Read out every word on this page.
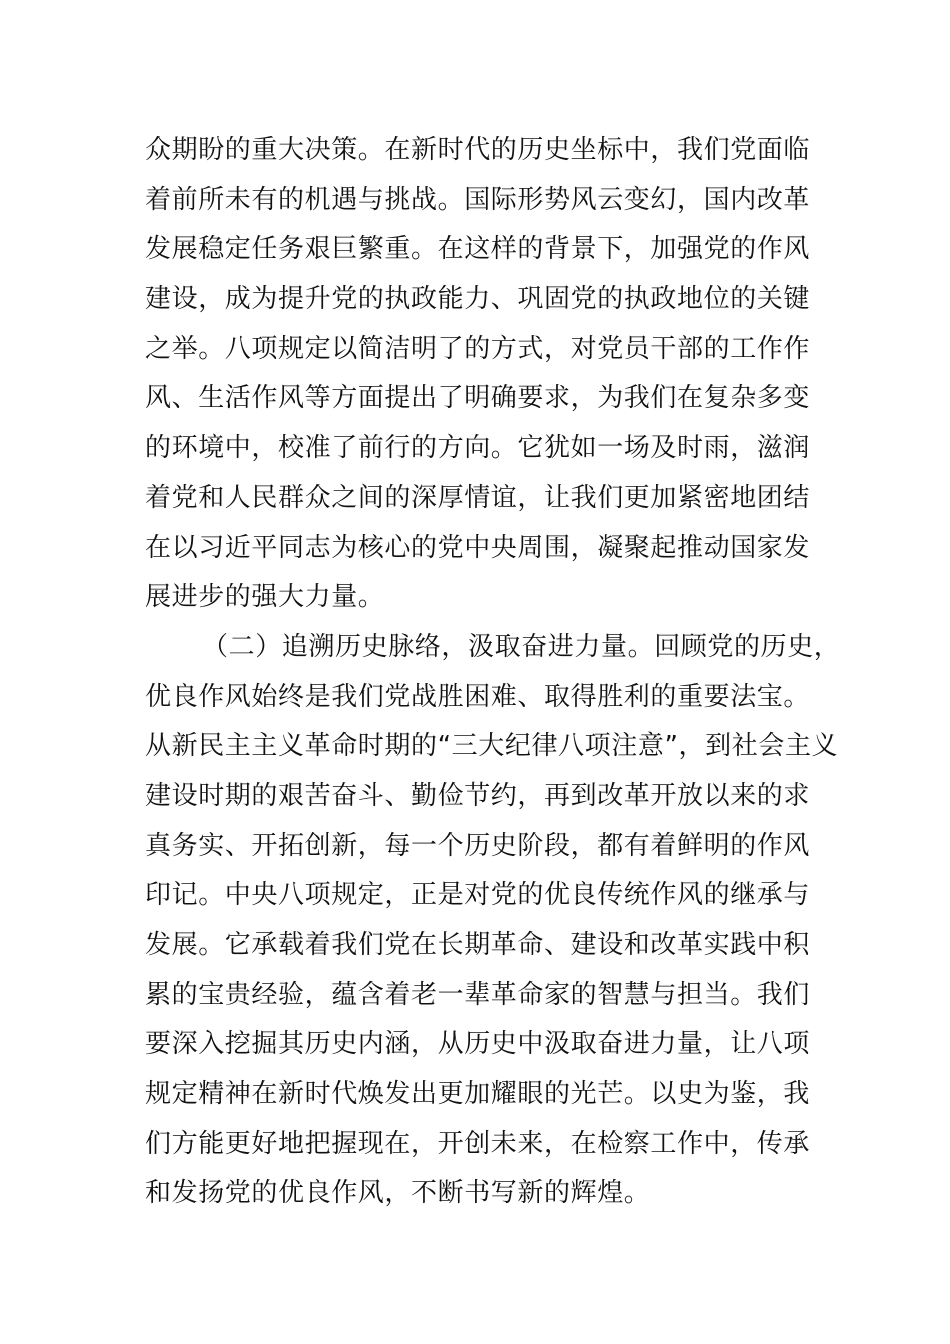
众期盼的重大决策。在新时代的历史坐标中，我们党面临
着前所未有的机遇与挑战。国际形势风云变幻，国内改革
发展稳定任务艰巨繁重。在这样的背景下，加强党的作风
建设，成为提升党的执政能力、巩固党的执政地位的关键
之举。八项规定以简洁明了的方式，对党员干部的工作作
风、生活作风等方面提出了明确要求，为我们在复杂多变
的环境中，校准了前行的方向。它犹如一场及时雨，滋润
着党和人民群众之间的深厚情谊，让我们更加紧密地团结
在以习近平同志为核心的党中央周围，凝聚起推动国家发
展进步的强大力量。
（二）追溯历史脉络，汲取奋进力量。回顾党的历史，
优良作风始终是我们党战胜困难、取得胜利的重要法宝。
从新民主主义革命时期的“三大纪律八项注意”，到社会主义
建设时期的艰苦奋斗、勤俭节约，再到改革开放以来的求
真务实、开拓创新，每一个历史阶段，都有着鲜明的作风
印记。中央八项规定，正是对党的优良传统作风的继承与
发展。它承载着我们党在长期革命、建设和改革实践中积
累的宝贵经验，蕴含着老一辈革命家的智慧与担当。我们
要深入挖掘其历史内涵，从历史中汲取奋进力量，让八项
规定精神在新时代焕发出更加耀眼的光芒。以史为鉴，我
们方能更好地把握现在，开创未来，在检察工作中，传承
和发扬党的优良作风，不断书写新的辉煌。
